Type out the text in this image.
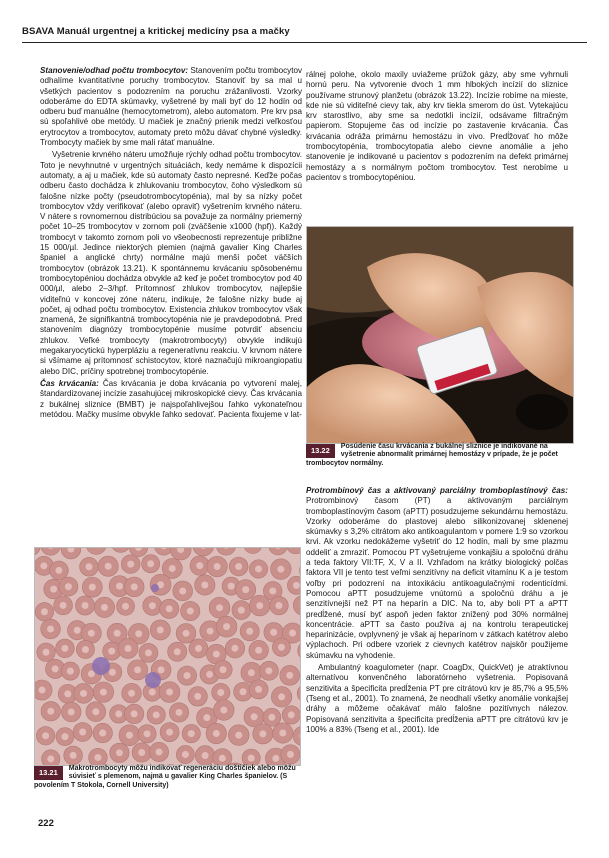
BSAVA Manuál urgentnej a kritickej medicíny psa a mačky

Stanovenie/odhad počtu trombocytov: Stanovením počtu trombocytov odhalíme kvantitatívne poruchy trombocytov. Stanoviť by sa mal u všetkých pacientov s podozrením na poruchu zrážanlivosti. Vzorky odoberáme do EDTA skúmavky, vyšetrené by mali byť do 12 hodín od odberu buď manuálne (hemocytometrom), alebo automatom. Pre krv psa sú spoľahlivé obe metódy. U mačiek je značný prienik medzi veľkosťou erytrocytov a trombocytov, automaty preto môžu dávať chybné výsledky. Trombocyty mačiek by sme mali rátať manuálne.

Vyšetrenie krvného náteru umožňuje rýchly odhad počtu trombocytov. Toto je nevyhnutné v urgentných situáciách, kedy nemáme k dispozícii automaty, a aj u mačiek, kde sú automaty často nepresné. Keďže počas odberu často dochádza k zhlukovaniu trombocytov, čoho výsledkom sú falošne nízke počty (pseudotrombocytopénia), mal by sa nízky počet trombocytov vždy verifikovať (alebo opraviť) vyšetrením krvného náteru. V nátere s rovnomernou distribúciou sa považuje za normálny priemerný počet 10–25 trombocytov v zornom poli (zväčšenie x1000 (hpf)). Každý trombocyt v takomto zornom poli vo všeobecnosti reprezentuje približne 15 000/µl. Jedince niektorých plemien (najmä gavalier King Charles španiel a anglické chrty) normálne majú menší počet väčších trombocytov (obrázok 13.21). K spontánnemu krvácaniu spôsobenému trombocytopéniou dochádza obvykle až keď je počet trombocytov pod 40 000/µl, alebo 2–3/hpf. Prítomnosť zhlukov trombocytov, najlepšie viditeľnú v koncovej zóne náteru, indikuje, že falošne nízky bude aj počet, aj odhad počtu trombocytov. Existencia zhlukov trombocytov však znamená, že signifikantná trombocytopénia nie je pravdepodobná. Pred stanovením diagnózy trombocytopénie musíme potvrdiť absenciu zhlukov. Veľké trombocyty (makrotrombocyty) obvykle indikujú megakaryocytickú hyperpláziu a regeneratívnu reakciu. V krvnom nátere si všímame aj prítomnosť schistocytov, ktoré naznačujú mikroangiopatiu alebo DIC, príčiny spotrebnej trombocytopénie.

Čas krvácania: Čas krvácania je doba krvácania po vytvorení malej, štandardizovanej incízie zasahujúcej mikroskopické cievy. Čas krvácania z bukálnej sliznice (BMBT) je najspoľahlivejšou ľahko vykonateľnou metódou. Mačky musíme obvykle ľahko sedovať. Pacienta fixujeme v lat-

13.21	Makrotrombocyty môžu indikovať regeneráciu doštičiek alebo môžu súvisieť s plemenom, najmä u gavalier King Charles španielov. (S povolením T Stokola, Cornell University)

rálnej polohe, okolo maxily uviažeme prúžok gázy, aby sme vyhrnuli hornú peru. Na vytvorenie dvoch 1 mm hlbokých incízií do sliznice používame strunový planžetu (obrázok 13.22). Incízie robíme na mieste, kde nie sú viditeľné cievy tak, aby krv tiekla smerom do úst. Vytekajúcu krv starostlivo, aby sme sa nedotkli incízií, odsávame filtračným papierom. Stopujeme čas od incízie po zastavenie krvácania. Čas krvácania odráža primárnu hemostázu in vivo. Predĺžovať ho môže trombocytopénia, trombocytopatia alebo cievne anomálie a jeho stanovenie je indikované u pacientov s podozrením na defekt primárnej hemostázy a s normálnym počtom trombocytov. Test nerobíme u pacientov s trombocytopéniou.

13.22	Posúdenie času krvácania z bukálnej sliznice je indikované na vyšetrenie abnormalít primárnej hemostázy v prípade, že je počet trombocytov normálny.

Protrombinový čas a aktivovaný parciálny tromboplastínový čas: Protrombinový časom (PT) a aktivovaným parciálnym tromboplastínovým časom (aPTT) posudzujeme sekundárnu hemostázu. Vzorky odoberáme do plastovej alebo silikonizovanej sklenenej skúmavky s 3,2% citrátom ako antikoagulantom v pomere 1:9 so vzorkou krvi. Ak vzorku nedokážeme vyšetriť do 12 hodín, mali by sme plazmu oddeliť a zmraziť. Pomocou PT vyšetrujeme vonkajšiu a spoločnú dráhu a teda faktory VII:TF, X, V a II. Vzhľadom na krátky biologický polčas faktora VII je tento test veľmi senzitívny na deficit vitamínu K a je testom voľby pri podozrení na intoxikáciu antikoagulačnými rodenticídmi. Pomocou aPTT posudzujeme vnútornú a spoločnú dráhu a je senzitívnejší než PT na heparín a DIC. Na to, aby boli PT a aPTT predĺžené, musí byť aspoň jeden faktor znížený pod 30% normálnej koncentrácie. aPTT sa často používa aj na kontrolu terapeutickej heparinizácie, ovplyvnený je však aj heparínom v zátkach katétrov alebo výplachoch. Pri odbere vzoriek z cievnych katétrov najskôr použijeme skúmavku na vyhodenie.

Ambulantný koagulometer (napr. CoagDx, QuickVet) je atraktívnou alternatívou konvenčného laboratórneho vyšetrenia. Popisovaná senzitivita a špecificita predĺženia PT pre citrátovú krv je 85,7% a 95,5% (Tseng et al., 2001). To znamená, že neodhalí všetky anomálie vonkajšej dráhy a môžeme očakávať málo falošne pozitívnych nálezov. Popisovaná senzitivita a špecificita predĺženia aPTT pre citrátovú krv je 100% a 83% (Tseng et al., 2001). Ide

222
